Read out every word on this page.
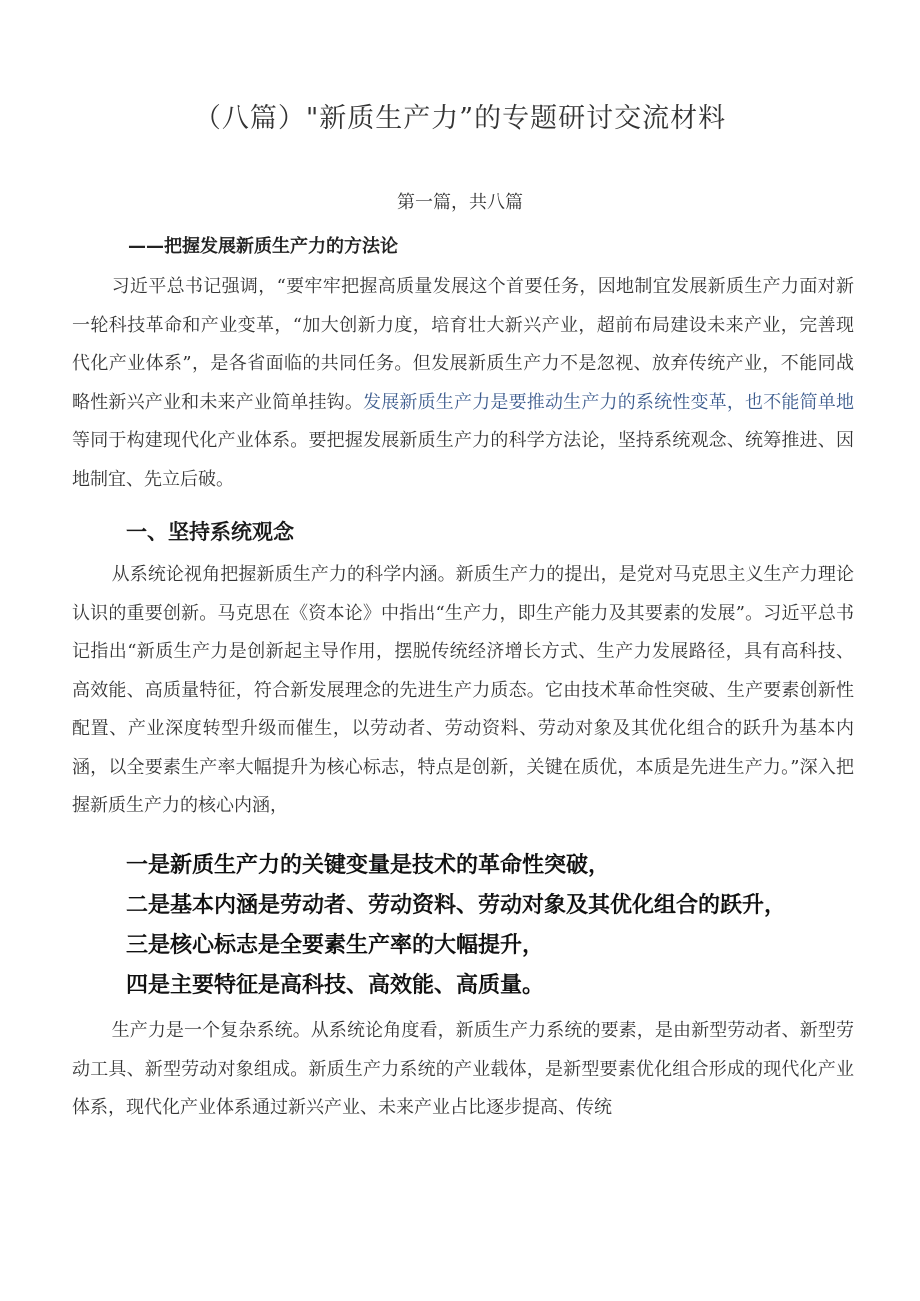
（八篇）"新质生产力”的专题研讨交流材料
第一篇，共八篇
——把握发展新质生产力的方法论
习近平总书记强调，“要牢牢把握高质量发展这个首要任务，因地制宜发展新质生产力面对新一轮科技革命和产业变革，“加大创新力度，培育壮大新兴产业，超前布局建设未来产业，完善现代化产业体系”，是各省面临的共同任务。但发展新质生产力不是忽视、放弃传统产业，不能同战略性新兴产业和未来产业简单挂钩。发展新质生产力是要推动生产力的系统性变革，也不能简单地等同于构建现代化产业体系。要把握发展新质生产力的科学方法论，坚持系统观念、统筹推进、因地制宜、先立后破。
一、坚持系统观念
从系统论视角把握新质生产力的科学内涵。新质生产力的提出，是党对马克思主义生产力理论认识的重要创新。马克思在《资本论》中指出“生产力，即生产能力及其要素的发展”。习近平总书记指出“新质生产力是创新起主导作用，摆脱传统经济增长方式、生产力发展路径，具有高科技、高效能、高质量特征，符合新发展理念的先进生产力质态。它由技术革命性突破、生产要素创新性配置、产业深度转型升级而催生，以劳动者、劳动资料、劳动对象及其优化组合的跃升为基本内涵，以全要素生产率大幅提升为核心标志，特点是创新，关键在质优，本质是先进生产力。”深入把握新质生产力的核心内涵，
一是新质生产力的关键变量是技术的革命性突破，
二是基本内涵是劳动者、劳动资料、劳动对象及其优化组合的跃升，
三是核心标志是全要素生产率的大幅提升，
四是主要特征是高科技、高效能、高质量。
生产力是一个复杂系统。从系统论角度看，新质生产力系统的要素，是由新型劳动者、新型劳动工具、新型劳动对象组成。新质生产力系统的产业载体，是新型要素优化组合形成的现代化产业体系，现代化产业体系通过新兴产业、未来产业占比逐步提高、传统
